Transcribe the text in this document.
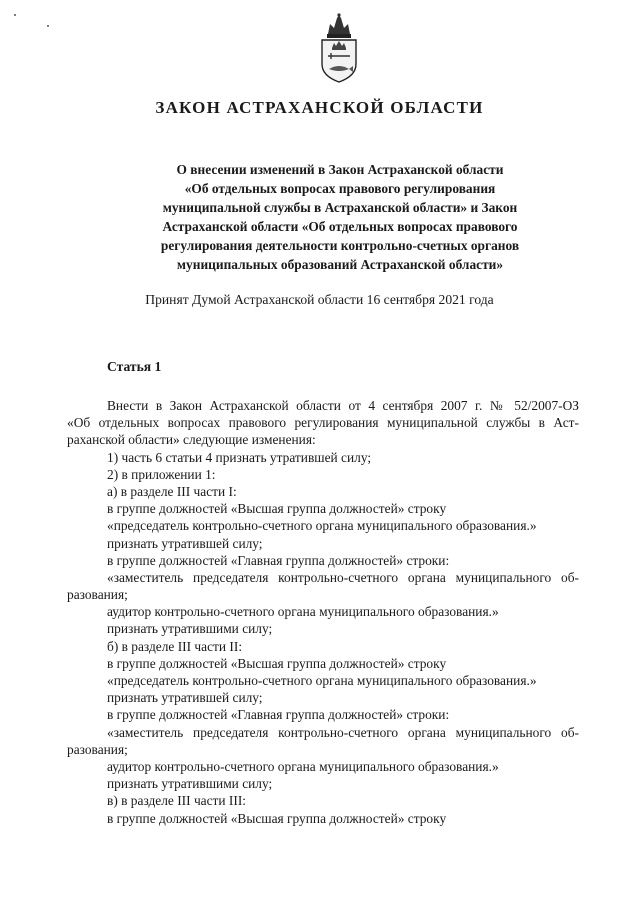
ЗАКОН АСТРАХАНСКОЙ ОБЛАСТИ
О внесении изменений в Закон Астраханской области
«Об отдельных вопросах правового регулирования
муниципальной службы в Астраханской области» и Закон
Астраханской области «Об отдельных вопросах правового
регулирования деятельности контрольно-счетных органов
муниципальных образований Астраханской области»
Принят Думой Астраханской области 16 сентября 2021 года
Статья 1
Внести в Закон Астраханской области от 4 сентября 2007 г. № 52/2007-ОЗ
«Об отдельных вопросах правового регулирования муниципальной службы в Аст-
раханской области» следующие изменения:
1) часть 6 статьи 4 признать утратившей силу;
2) в приложении 1:
а) в разделе III части I:
в группе должностей «Высшая группа должностей» строку
«председатель контрольно-счетного органа муниципального образования.»
признать утратившей силу;
в группе должностей «Главная группа должностей» строки:
«заместитель председателя контрольно-счетного органа муниципального об-
разования;
аудитор контрольно-счетного органа муниципального образования.»
признать утратившими силу;
б) в разделе III части II:
в группе должностей «Высшая группа должностей» строку
«председатель контрольно-счетного органа муниципального образования.»
признать утратившей силу;
в группе должностей «Главная группа должностей» строки:
«заместитель председателя контрольно-счетного органа муниципального об-
разования;
аудитор контрольно-счетного органа муниципального образования.»
признать утратившими силу;
в) в разделе III части III:
в группе должностей «Высшая группа должностей» строку
